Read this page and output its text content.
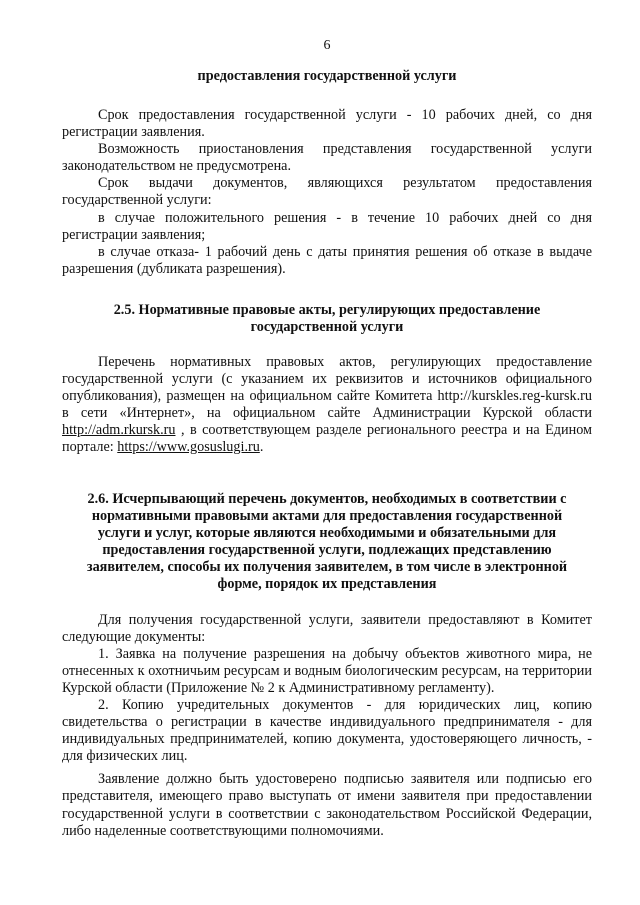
6
предоставления государственной услуги

Срок предоставления государственной услуги - 10 рабочих дней, со дня регистрации заявления.

Возможность приостановления представления государственной услуги законодательством не предусмотрена.

Срок выдачи документов, являющихся результатом предоставления государственной услуги:

в случае положительного решения - в течение 10 рабочих дней со дня регистрации заявления;

в случае отказа- 1 рабочий день с даты принятия решения об отказе в выдаче разрешения (дубликата разрешения).

2.5. Нормативные правовые акты, регулирующих предоставление
государственной услуги

Перечень нормативных правовых актов, регулирующих предоставление государственной услуги (с указанием их реквизитов и источников официального опубликования), размещен на официальном сайте Комитета http://kurskles.reg-kursk.ru в сети «Интернет», на официальном сайте Администрации Курской области http://adm.rkursk.ru , в соответствующем разделе регионального реестра и на Едином портале: https://www.gosuslugi.ru.

2.6. Исчерпывающий перечень документов, необходимых в соответствии с
нормативными правовыми актами для предоставления государственной
услуги и услуг, которые являются необходимыми и обязательными для
предоставления государственной услуги, подлежащих представлению
заявителем, способы их получения заявителем, в том числе в электронной
форме, порядок их представления

Для получения государственной услуги, заявители предоставляют в Комитет следующие документы:

1. Заявка на получение разрешения на добычу объектов животного мира, не отнесенных к охотничьим ресурсам и водным биологическим ресурсам, на территории Курской области (Приложение № 2 к Административному регламенту).

2. Копию учредительных документов - для юридических лиц, копию свидетельства о регистрации в качестве индивидуального предпринимателя - для индивидуальных предпринимателей, копию документа, удостоверяющего личность, - для физических лиц.

Заявление должно быть удостоверено подписью заявителя или подписью его представителя, имеющего право выступать от имени заявителя при предоставлении государственной услуги в соответствии с законодательством Российской Федерации, либо наделенные соответствующими полномочиями.
